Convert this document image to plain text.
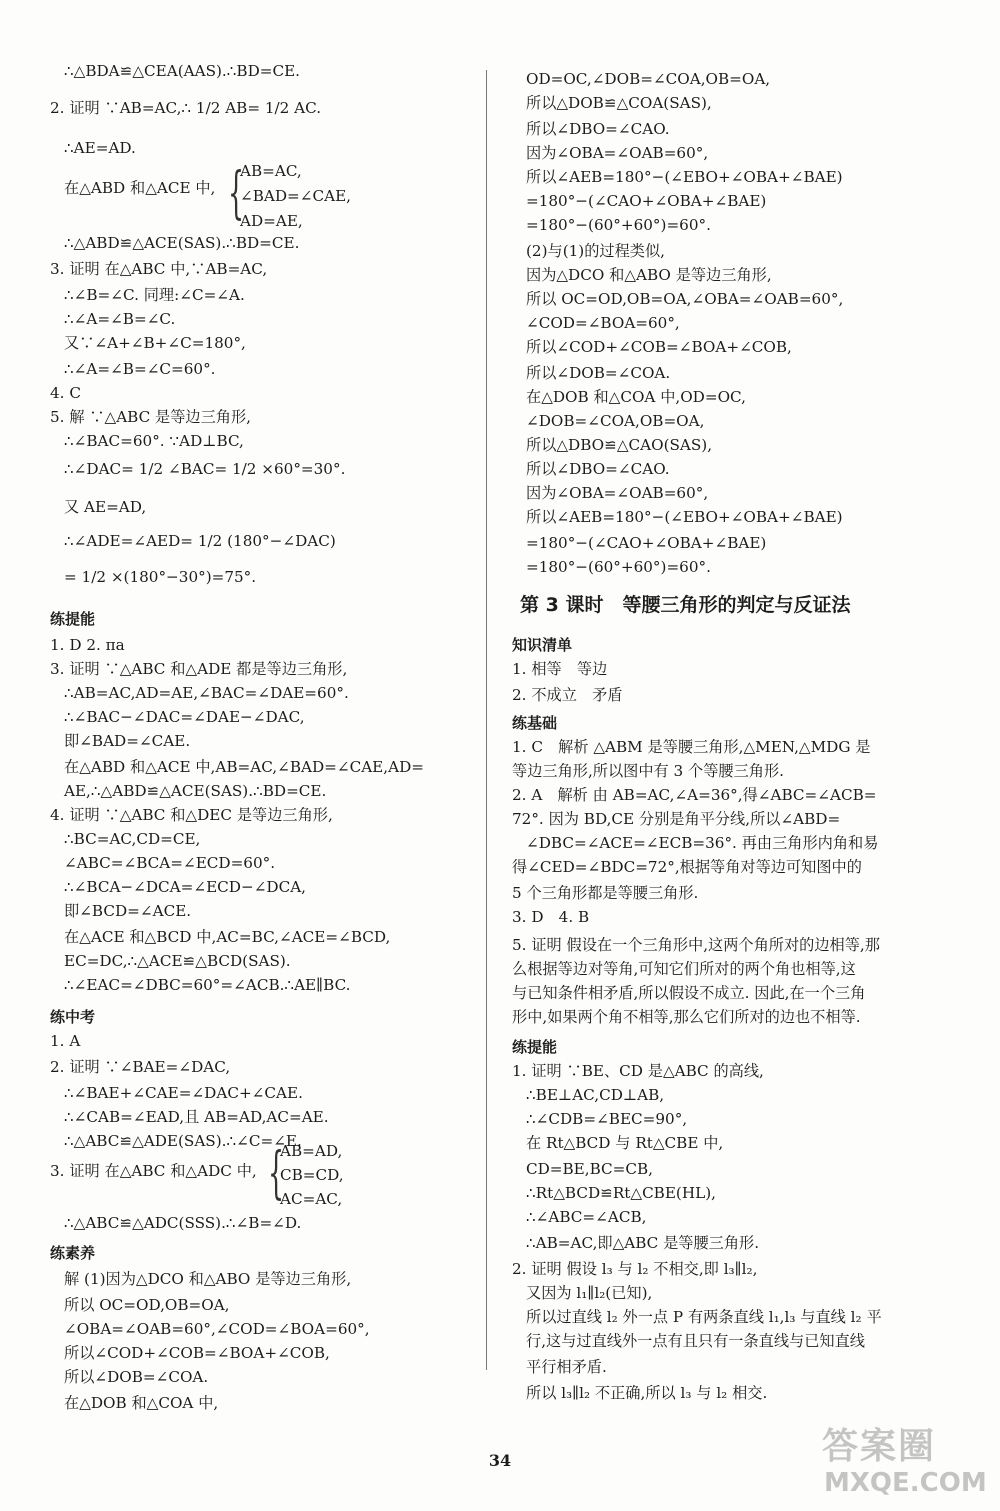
∴△BDA≌△CEA(AAS).∴BD=CE.
2. 证明 ∵AB=AC,∴ 1/2 AB= 1/2 AC.
∴AE=AD.
在△ABD 和△ACE 中,
AB=AC,
∠BAD=∠CAE,
AD=AE,
∴△ABD≌△ACE(SAS).∴BD=CE.
3. 证明 在△ABC 中,∵AB=AC,
∴∠B=∠C. 同理:∠C=∠A.
∴∠A=∠B=∠C.
又∵∠A+∠B+∠C=180°,
∴∠A=∠B=∠C=60°.
4. C
5. 解 ∵△ABC 是等边三角形,
∴∠BAC=60°. ∵AD⊥BC,
∴∠DAC= 1/2 ∠BAC= 1/2 ×60°=30°.
又 AE=AD,
∴∠ADE=∠AED= 1/2 (180°−∠DAC)
= 1/2 ×(180°−30°)=75°.
练提能
1. D 2. πa
3. 证明 ∵△ABC 和△ADE 都是等边三角形,
∴AB=AC,AD=AE,∠BAC=∠DAE=60°.
∴∠BAC−∠DAC=∠DAE−∠DAC,
即∠BAD=∠CAE.
在△ABD 和△ACE 中,AB=AC,∠BAD=∠CAE,AD=
AE,∴△ABD≌△ACE(SAS).∴BD=CE.
4. 证明 ∵△ABC 和△DEC 是等边三角形,
∴BC=AC,CD=CE,
∠ABC=∠BCA=∠ECD=60°.
∴∠BCA−∠DCA=∠ECD−∠DCA,
即∠BCD=∠ACE.
在△ACE 和△BCD 中,AC=BC,∠ACE=∠BCD,
EC=DC,∴△ACE≌△BCD(SAS).
∴∠EAC=∠DBC=60°=∠ACB.∴AE∥BC.
练中考
1. A
2. 证明 ∵∠BAE=∠DAC,
∴∠BAE+∠CAE=∠DAC+∠CAE.
∴∠CAB=∠EAD,且 AB=AD,AC=AE.
∴△ABC≌△ADE(SAS).∴∠C=∠E.
3. 证明 在△ABC 和△ADC 中,
AB=AD,
CB=CD,
AC=AC,
∴△ABC≌△ADC(SSS).∴∠B=∠D.
练素养
解 (1)因为△DCO 和△ABO 是等边三角形,
所以 OC=OD,OB=OA,
∠OBA=∠OAB=60°,∠COD=∠BOA=60°,
所以∠COD+∠COB=∠BOA+∠COB,
所以∠DOB=∠COA.
在△DOB 和△COA 中,
{
{
OD=OC,∠DOB=∠COA,OB=OA,
所以△DOB≌△COA(SAS),
所以∠DBO=∠CAO.
因为∠OBA=∠OAB=60°,
所以∠AEB=180°−(∠EBO+∠OBA+∠BAE)
=180°−(∠CAO+∠OBA+∠BAE)
=180°−(60°+60°)=60°.
(2)与(1)的过程类似,
因为△DCO 和△ABO 是等边三角形,
所以 OC=OD,OB=OA,∠OBA=∠OAB=60°,
∠COD=∠BOA=60°,
所以∠COD+∠COB=∠BOA+∠COB,
所以∠DOB=∠COA.
在△DOB 和△COA 中,OD=OC,
∠DOB=∠COA,OB=OA,
所以△DBO≌△CAO(SAS),
所以∠DBO=∠CAO.
因为∠OBA=∠OAB=60°,
所以∠AEB=180°−(∠EBO+∠OBA+∠BAE)
=180°−(∠CAO+∠OBA+∠BAE)
=180°−(60°+60°)=60°.
第 3 课时　等腰三角形的判定与反证法
知识清单
1. 相等　等边
2. 不成立　矛盾
练基础
1. C　解析 △ABM 是等腰三角形,△MEN,△MDG 是
等边三角形,所以图中有 3 个等腰三角形.
2. A　解析 由 AB=AC,∠A=36°,得∠ABC=∠ACB=
72°. 因为 BD,CE 分别是角平分线,所以∠ABD=
∠DBC=∠ACE=∠ECB=36°. 再由三角形内角和易
得∠CED=∠BDC=72°,根据等角对等边可知图中的
5 个三角形都是等腰三角形.
3. D　4. B
5. 证明 假设在一个三角形中,这两个角所对的边相等,那
么根据等边对等角,可知它们所对的两个角也相等,这
与已知条件相矛盾,所以假设不成立. 因此,在一个三角
形中,如果两个角不相等,那么它们所对的边也不相等.
练提能
1. 证明 ∵BE、CD 是△ABC 的高线,
∴BE⊥AC,CD⊥AB,
∴∠CDB=∠BEC=90°,
在 Rt△BCD 与 Rt△CBE 中,
CD=BE,BC=CB,
∴Rt△BCD≌Rt△CBE(HL),
∴∠ABC=∠ACB,
∴AB=AC,即△ABC 是等腰三角形.
2. 证明 假设 l₃ 与 l₂ 不相交,即 l₃∥l₂,
又因为 l₁∥l₂(已知),
所以过直线 l₂ 外一点 P 有两条直线 l₁,l₃ 与直线 l₂ 平
行,这与过直线外一点有且只有一条直线与已知直线
平行相矛盾.
所以 l₃∥l₂ 不正确,所以 l₃ 与 l₂ 相交.
34	答案圈
MXQE.COM
